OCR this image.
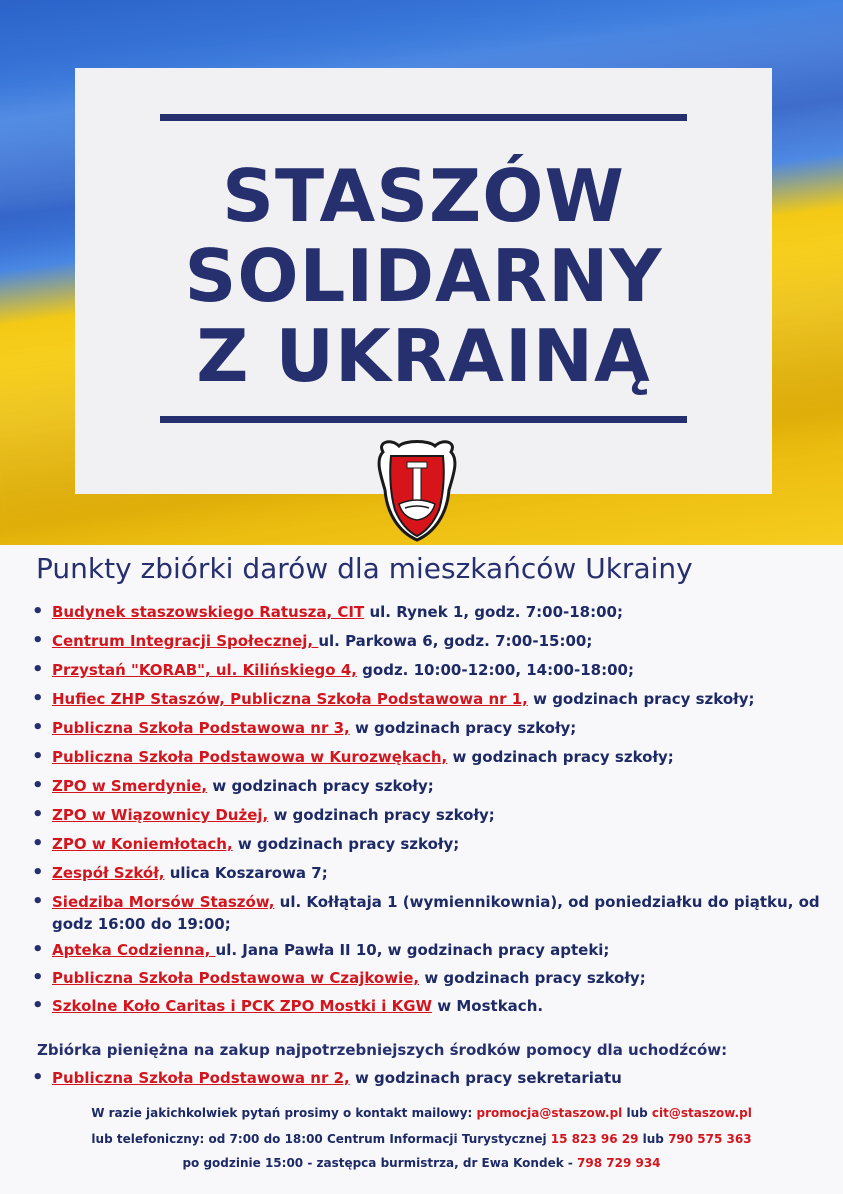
STASZÓW
SOLIDARNY
Z UKRAINĄ
Punkty zbiórki darów dla mieszkańców Ukrainy
• Budynek staszowskiego Ratusza, CIT ul. Rynek 1, godz. 7:00-18:00;
• Centrum Integracji Społecznej, ul. Parkowa 6, godz. 7:00-15:00;
• Przystań "KORAB", ul. Kilińskiego 4, godz. 10:00-12:00, 14:00-18:00;
• Hufiec ZHP Staszów, Publiczna Szkoła Podstawowa nr 1, w godzinach pracy szkoły;
• Publiczna Szkoła Podstawowa nr 3, w godzinach pracy szkoły;
• Publiczna Szkoła Podstawowa w Kurozwękach, w godzinach pracy szkoły;
• ZPO w Smerdynie, w godzinach pracy szkoły;
• ZPO w Wiązownicy Dużej, w godzinach pracy szkoły;
• ZPO w Koniemłotach, w godzinach pracy szkoły;
• Zespół Szkół, ulica Koszarowa 7;
• Siedziba Morsów Staszów, ul. Kołłątaja 1 (wymiennikownia), od poniedziałku do piątku, od godz 16:00 do 19:00;
• Apteka Codzienna, ul. Jana Pawła II 10, w godzinach pracy apteki;
• Publiczna Szkoła Podstawowa w Czajkowie, w godzinach pracy szkoły;
• Szkolne Koło Caritas i PCK ZPO Mostki i KGW w Mostkach.
Zbiórka pieniężna na zakup najpotrzebniejszych środków pomocy dla uchodźców:
• Publiczna Szkoła Podstawowa nr 2, w godzinach pracy sekretariatu
W razie jakichkolwiek pytań prosimy o kontakt mailowy: promocja@staszow.pl lub cit@staszow.pl
lub telefoniczny: od 7:00 do 18:00 Centrum Informacji Turystycznej 15 823 96 29 lub 790 575 363
po godzinie 15:00 - zastępca burmistrza, dr Ewa Kondek - 798 729 934
